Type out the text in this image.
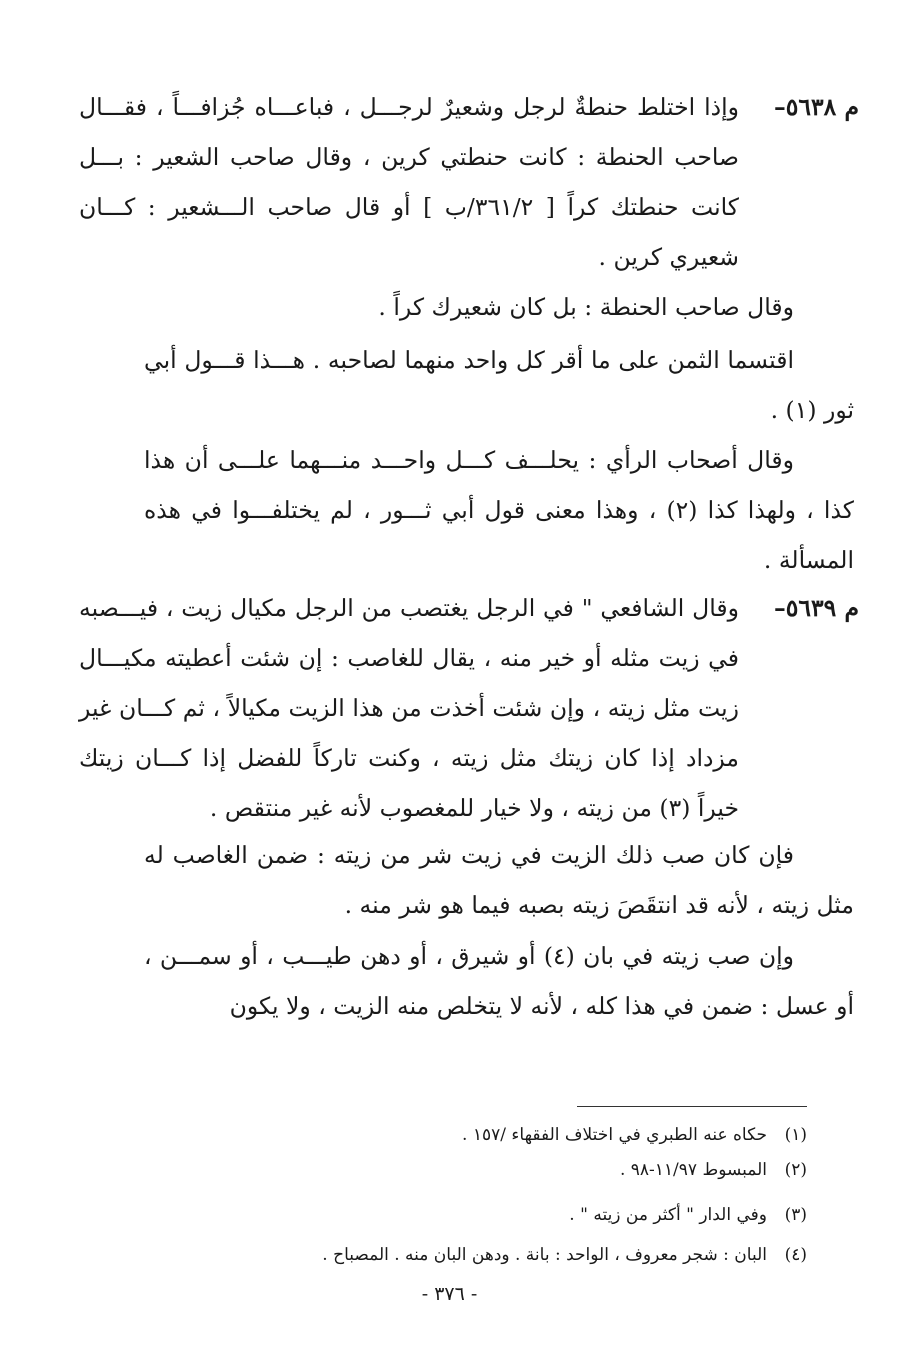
م ٥٦٣٨–

وإذا اختلط حنطةٌ لرجل وشعيرٌ لرجـــل ، فباعـــاه جُزافـــاً ، فقـــال صاحب الحنطة : كانت حنطتي كرين ، وقال صاحب الشعير : بـــل كانت حنطتك كراً [ ٣٦١/٢/ب ] أو قال صاحب الـــشعير : كـــان شعيري كرين .

وقال صاحب الحنطة : بل كان شعيرك كراً .

اقتسما الثمن على ما أقر كل واحد منهما لصاحبه . هـــذا قـــول أبي ثور (١) .

وقال أصحاب الرأي : يحلـــف كـــل واحـــد منـــهما علـــى أن هذا كذا ، ولهذا كذا (٢) ، وهذا معنى قول أبي ثـــور ، لم يختلفـــوا في هذه المسألة .

م ٥٦٣٩–

وقال الشافعي " في الرجل يغتصب من الرجل مكيال زيت ، فيـــصبه في زيت مثله أو خير منه ، يقال للغاصب : إن شئت أعطيته مكيـــال زيت مثل زيته ، وإن شئت أخذت من هذا الزيت مكيالاً ، ثم كـــان غير مزداد إذا كان زيتك مثل زيته ، وكنت تاركاً للفضل إذا كـــان زيتك خيراً (٣) من زيته ، ولا خيار للمغصوب لأنه غير منتقص .

فإن كان صب ذلك الزيت في زيت شر من زيته : ضمن الغاصب له مثل زيته ، لأنه قد انتقَصَ زيته بصبه فيما هو شر منه .

وإن صب زيته في بان (٤) أو شيرق ، أو دهن طيـــب ، أو سمـــن ، أو عسل : ضمن في هذا كله ، لأنه لا يتخلص منه الزيت ، ولا يكون

(١)حكاه عنه الطبري في اختلاف الفقهاء /١٥٧ .

(٢)المبسوط ١١/٩٧-٩٨ .

(٣)وفي الدار " أكثر من زيته " .

(٤)البان : شجر معروف ، الواحد : بانة . ودهن البان منه . المصباح .

- ٣٧٦ -
